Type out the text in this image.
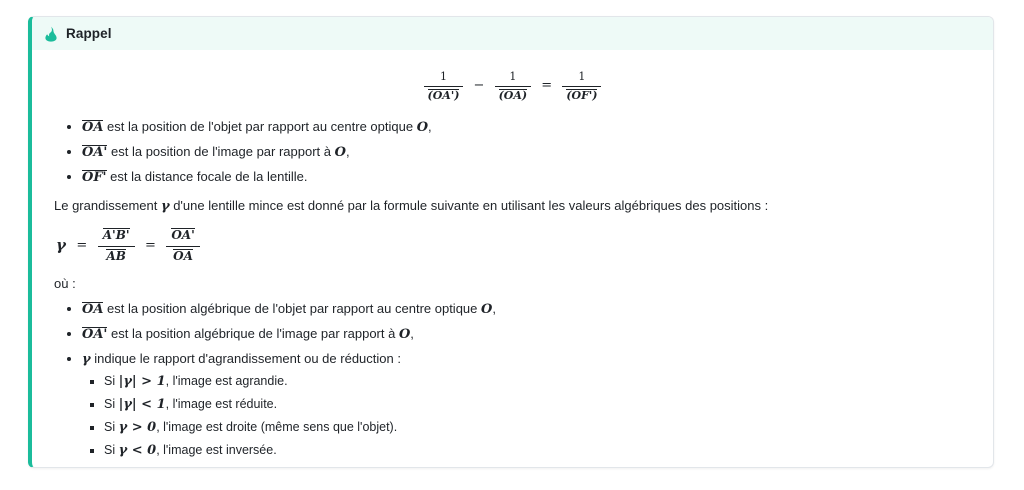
Rappel
$\frac{1}{(OA')} - \frac{1}{(OA)} = \frac{1}{(OF')}$
• OA est la position de l'objet par rapport au centre optique O,
• OA' est la position de l'image par rapport à O,
• OF' est la distance focale de la lentille.
Le grandissement γ d'une lentille mince est donné par la formule suivante en utilisant les valeurs algébriques des positions :
$\gamma = \frac{A'B'}{AB} = \frac{OA'}{OA}$
où :
• OA est la position algébrique de l'objet par rapport au centre optique O,
• OA' est la position algébrique de l'image par rapport à O,
• γ indique le rapport d'agrandissement ou de réduction :
▪ Si |γ| > 1, l'image est agrandie.
▪ Si |γ| < 1, l'image est réduite.
▪ Si γ > 0, l'image est droite (même sens que l'objet).
▪ Si γ < 0, l'image est inversée.
